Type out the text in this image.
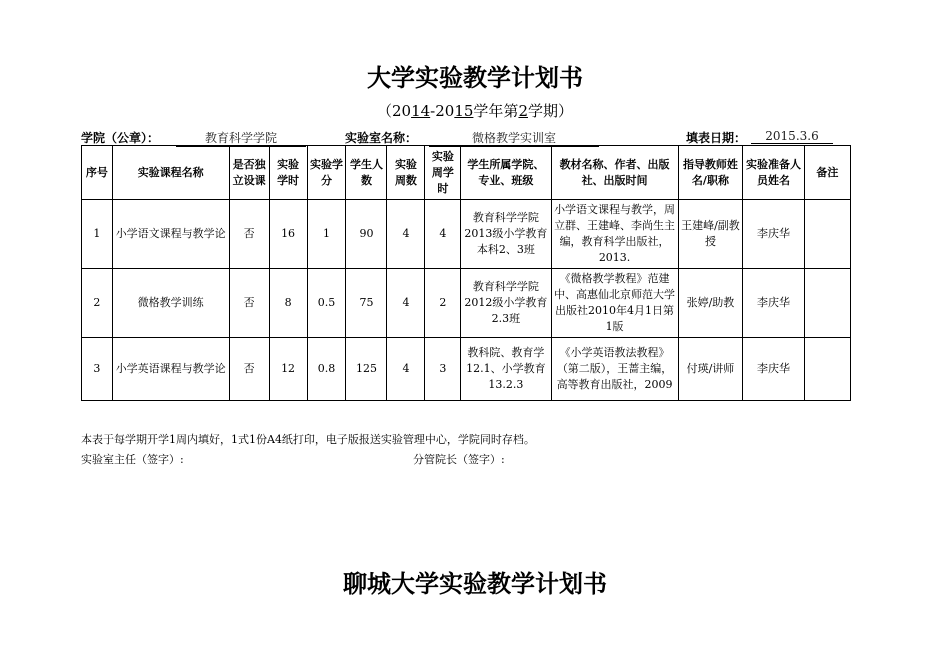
大学实验教学计划书
（2014-2015学年第2学期）
学院（公章）：	教育科学学院	实验室名称：	微格教学实训室	填表日期：	2015.3.6
序号	实验课程名称	是否独立设课	实验学时	实验学分	学生人数	实验周数	实验周学时	学生所属学院、专业、班级	教材名称、作者、出版社、出版时间	指导教师姓名/职称	实验准备人员姓名	备注
1	小学语文课程与教学论	否	16	1	90	4	4	教育科学学院2013级小学教育本科2、3班	小学语文课程与教学，周立群、王建峰、李尚生主编，教育科学出版社，2013.	王建峰/副教授	李庆华	
2	微格教学训练	否	8	0.5	75	4	2	教育科学学院2012级小学教育2.3班	《微格教学教程》范建中、高惠仙北京师范大学出版社2010年4月1日第1版	张婷/助教	李庆华	
3	小学英语课程与教学论	否	12	0.8	125	4	3	教科院、教育学12.1、小学教育13.2.3	《小学英语教法教程》（第二版），王蔷主编，高等教育出版社，2009	付瑛/讲师	李庆华	
本表于每学期开学1周内填好，1式1份A4纸打印，电子版报送实验管理中心，学院同时存档。
实验室主任（签字）:	分管院长（签字）:
聊城大学实验教学计划书
